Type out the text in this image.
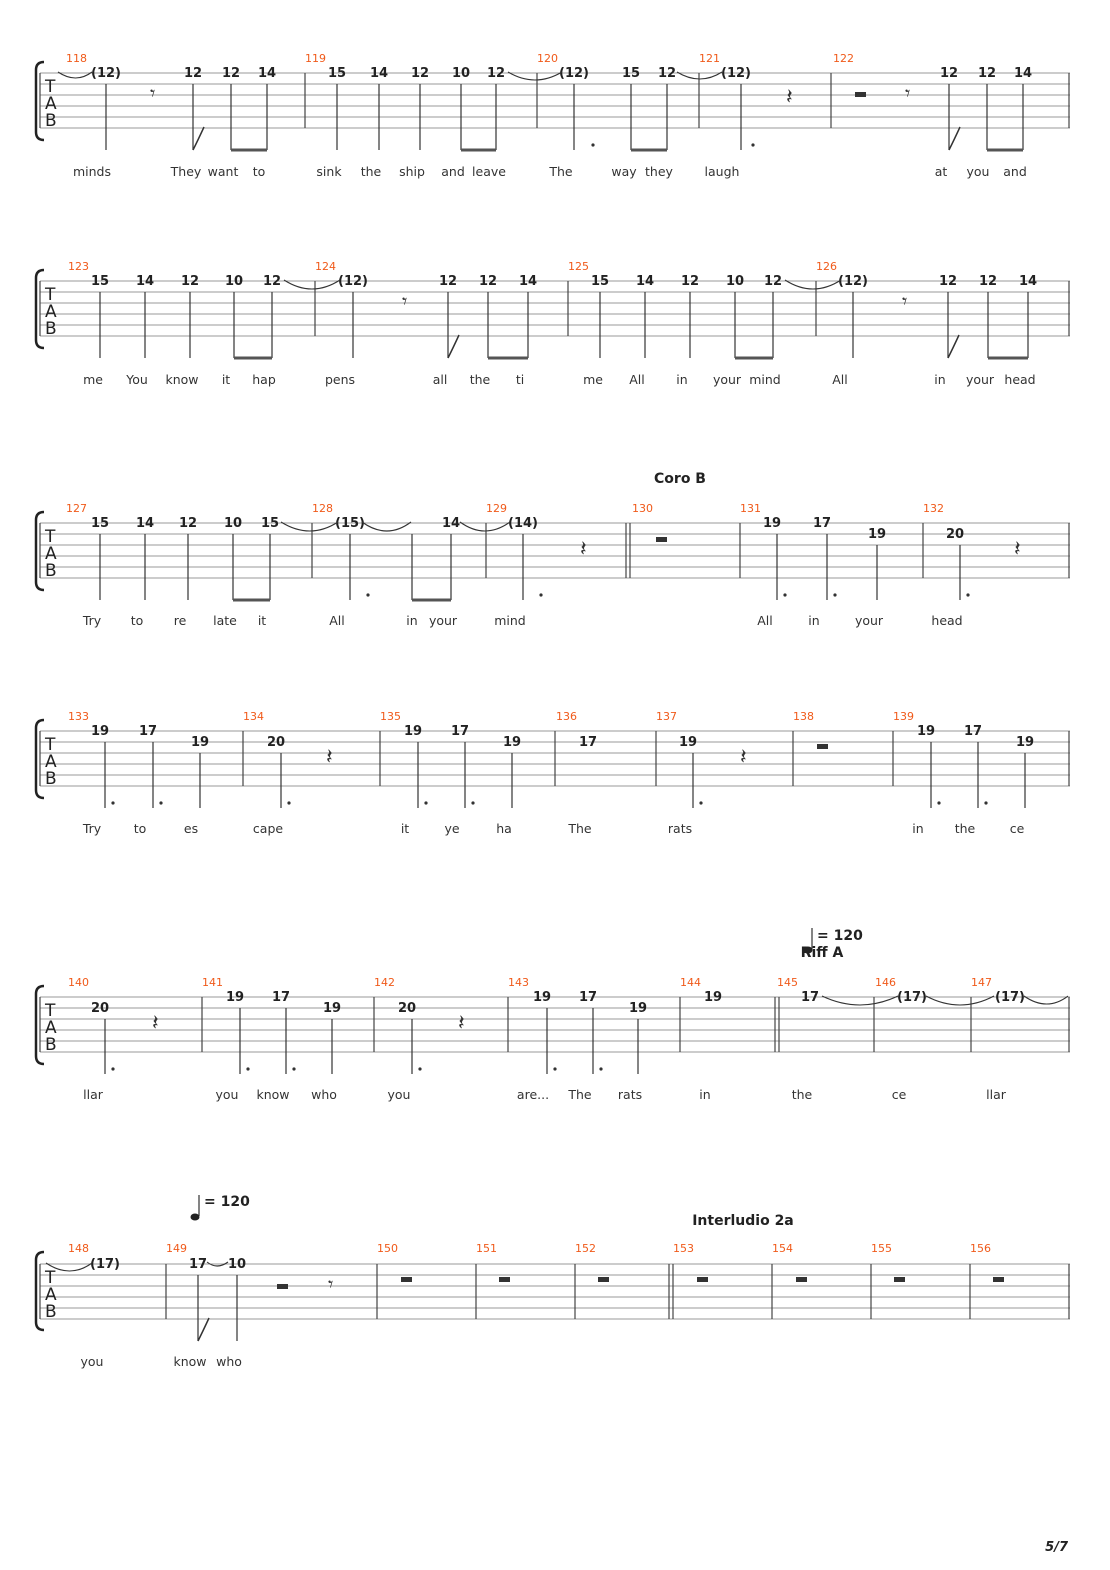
T
A
B
118	119	120	121	122
(12)	12 12 14	15 14 12 10 12	(12)	15 12	(12)	12 12 14
𝄾	𝄽	𝄾
minds	They want to	sink the ship and leave	The	way they	laugh	at you and
T
A
B
123	124	125	126
15 14 12 10 12	(12)	12 12 14	15 14 12 10 12	(12)	12 12 14
𝄾	𝄾
me You know it hap	pens	all the ti	me All	in your mind	All	in your head
Coro B
T
A
B
127	128	129	130	131	132
15 14 12 10 15	(15)	14	(14)	19 17
19	20
𝄽	𝄽
Try to re late it	All	in your	mind	All	in	your	head
T
A
B
133	134	135	136	137	138	139
19 17
19	20
19 17
19	17	19
19 17
19
𝄽	𝄽
Try	to	es	cape	it	ye	ha	The	rats	in the	ce
= 120
Riff A
T
A
B
140	141	142	143	144	145	146	147
20
19 17
19	20
19 17
19
19	17	(17)	(17)
𝄽	𝄽
llar	you know who	you	are... The rats	in	the	ce	llar
= 120
Interludio 2a
T
A
B
148	149	150	151	152	153	154	155	156
(17)	17 10
𝄾
you	know who
5/7
